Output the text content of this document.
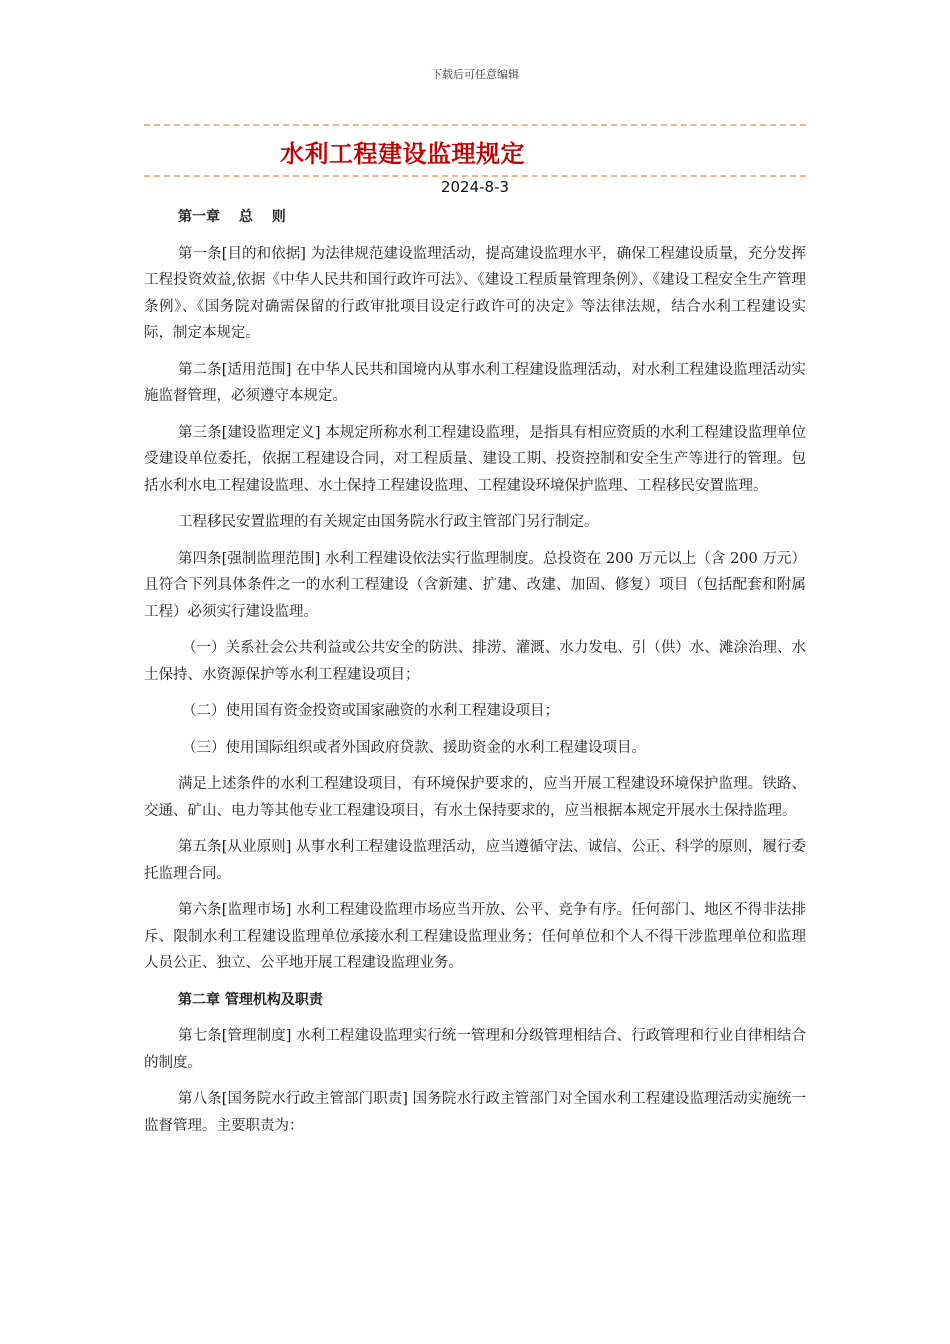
下载后可任意编辑
水利工程建设监理规定
2024-8-3

第一章　 总　 则

第一条[目的和依据] 为法律规范建设监理活动，提高建设监理水平，确保工程建设质量，充分发挥工程投资效益,依据《中华人民共和国行政许可法》、《建设工程质量管理条例》、《建设工程安全生产管理条例》、《国务院对确需保留的行政审批项目设定行政许可的决定》等法律法规，结合水利工程建设实际，制定本规定。

第二条[适用范围] 在中华人民共和国境内从事水利工程建设监理活动，对水利工程建设监理活动实施监督管理，必须遵守本规定。

第三条[建设监理定义] 本规定所称水利工程建设监理，是指具有相应资质的水利工程建设监理单位受建设单位委托，依据工程建设合同，对工程质量、建设工期、投资控制和安全生产等进行的管理。包括水利水电工程建设监理、水土保持工程建设监理、工程建设环境保护监理、工程移民安置监理。

工程移民安置监理的有关规定由国务院水行政主管部门另行制定。

第四条[强制监理范围] 水利工程建设依法实行监理制度。总投资在 200 万元以上（含 200 万元）且符合下列具体条件之一的水利工程建设（含新建、扩建、改建、加固、修复）项目（包括配套和附属工程）必须实行建设监理。

（一）关系社会公共利益或公共安全的防洪、排涝、灌溉、水力发电、引（供）水、滩涂治理、水土保持、水资源保护等水利工程建设项目；

（二）使用国有资金投资或国家融资的水利工程建设项目；

（三）使用国际组织或者外国政府贷款、援助资金的水利工程建设项目。

满足上述条件的水利工程建设项目，有环境保护要求的，应当开展工程建设环境保护监理。铁路、交通、矿山、电力等其他专业工程建设项目，有水土保持要求的，应当根据本规定开展水土保持监理。

第五条[从业原则] 从事水利工程建设监理活动，应当遵循守法、诚信、公正、科学的原则，履行委托监理合同。

第六条[监理市场] 水利工程建设监理市场应当开放、公平、竞争有序。任何部门、地区不得非法排斥、限制水利工程建设监理单位承接水利工程建设监理业务；任何单位和个人不得干涉监理单位和监理人员公正、独立、公平地开展工程建设监理业务。

第二章 管理机构及职责

第七条[管理制度] 水利工程建设监理实行统一管理和分级管理相结合、行政管理和行业自律相结合的制度。

第八条[国务院水行政主管部门职责] 国务院水行政主管部门对全国水利工程建设监理活动实施统一监督管理。主要职责为：
